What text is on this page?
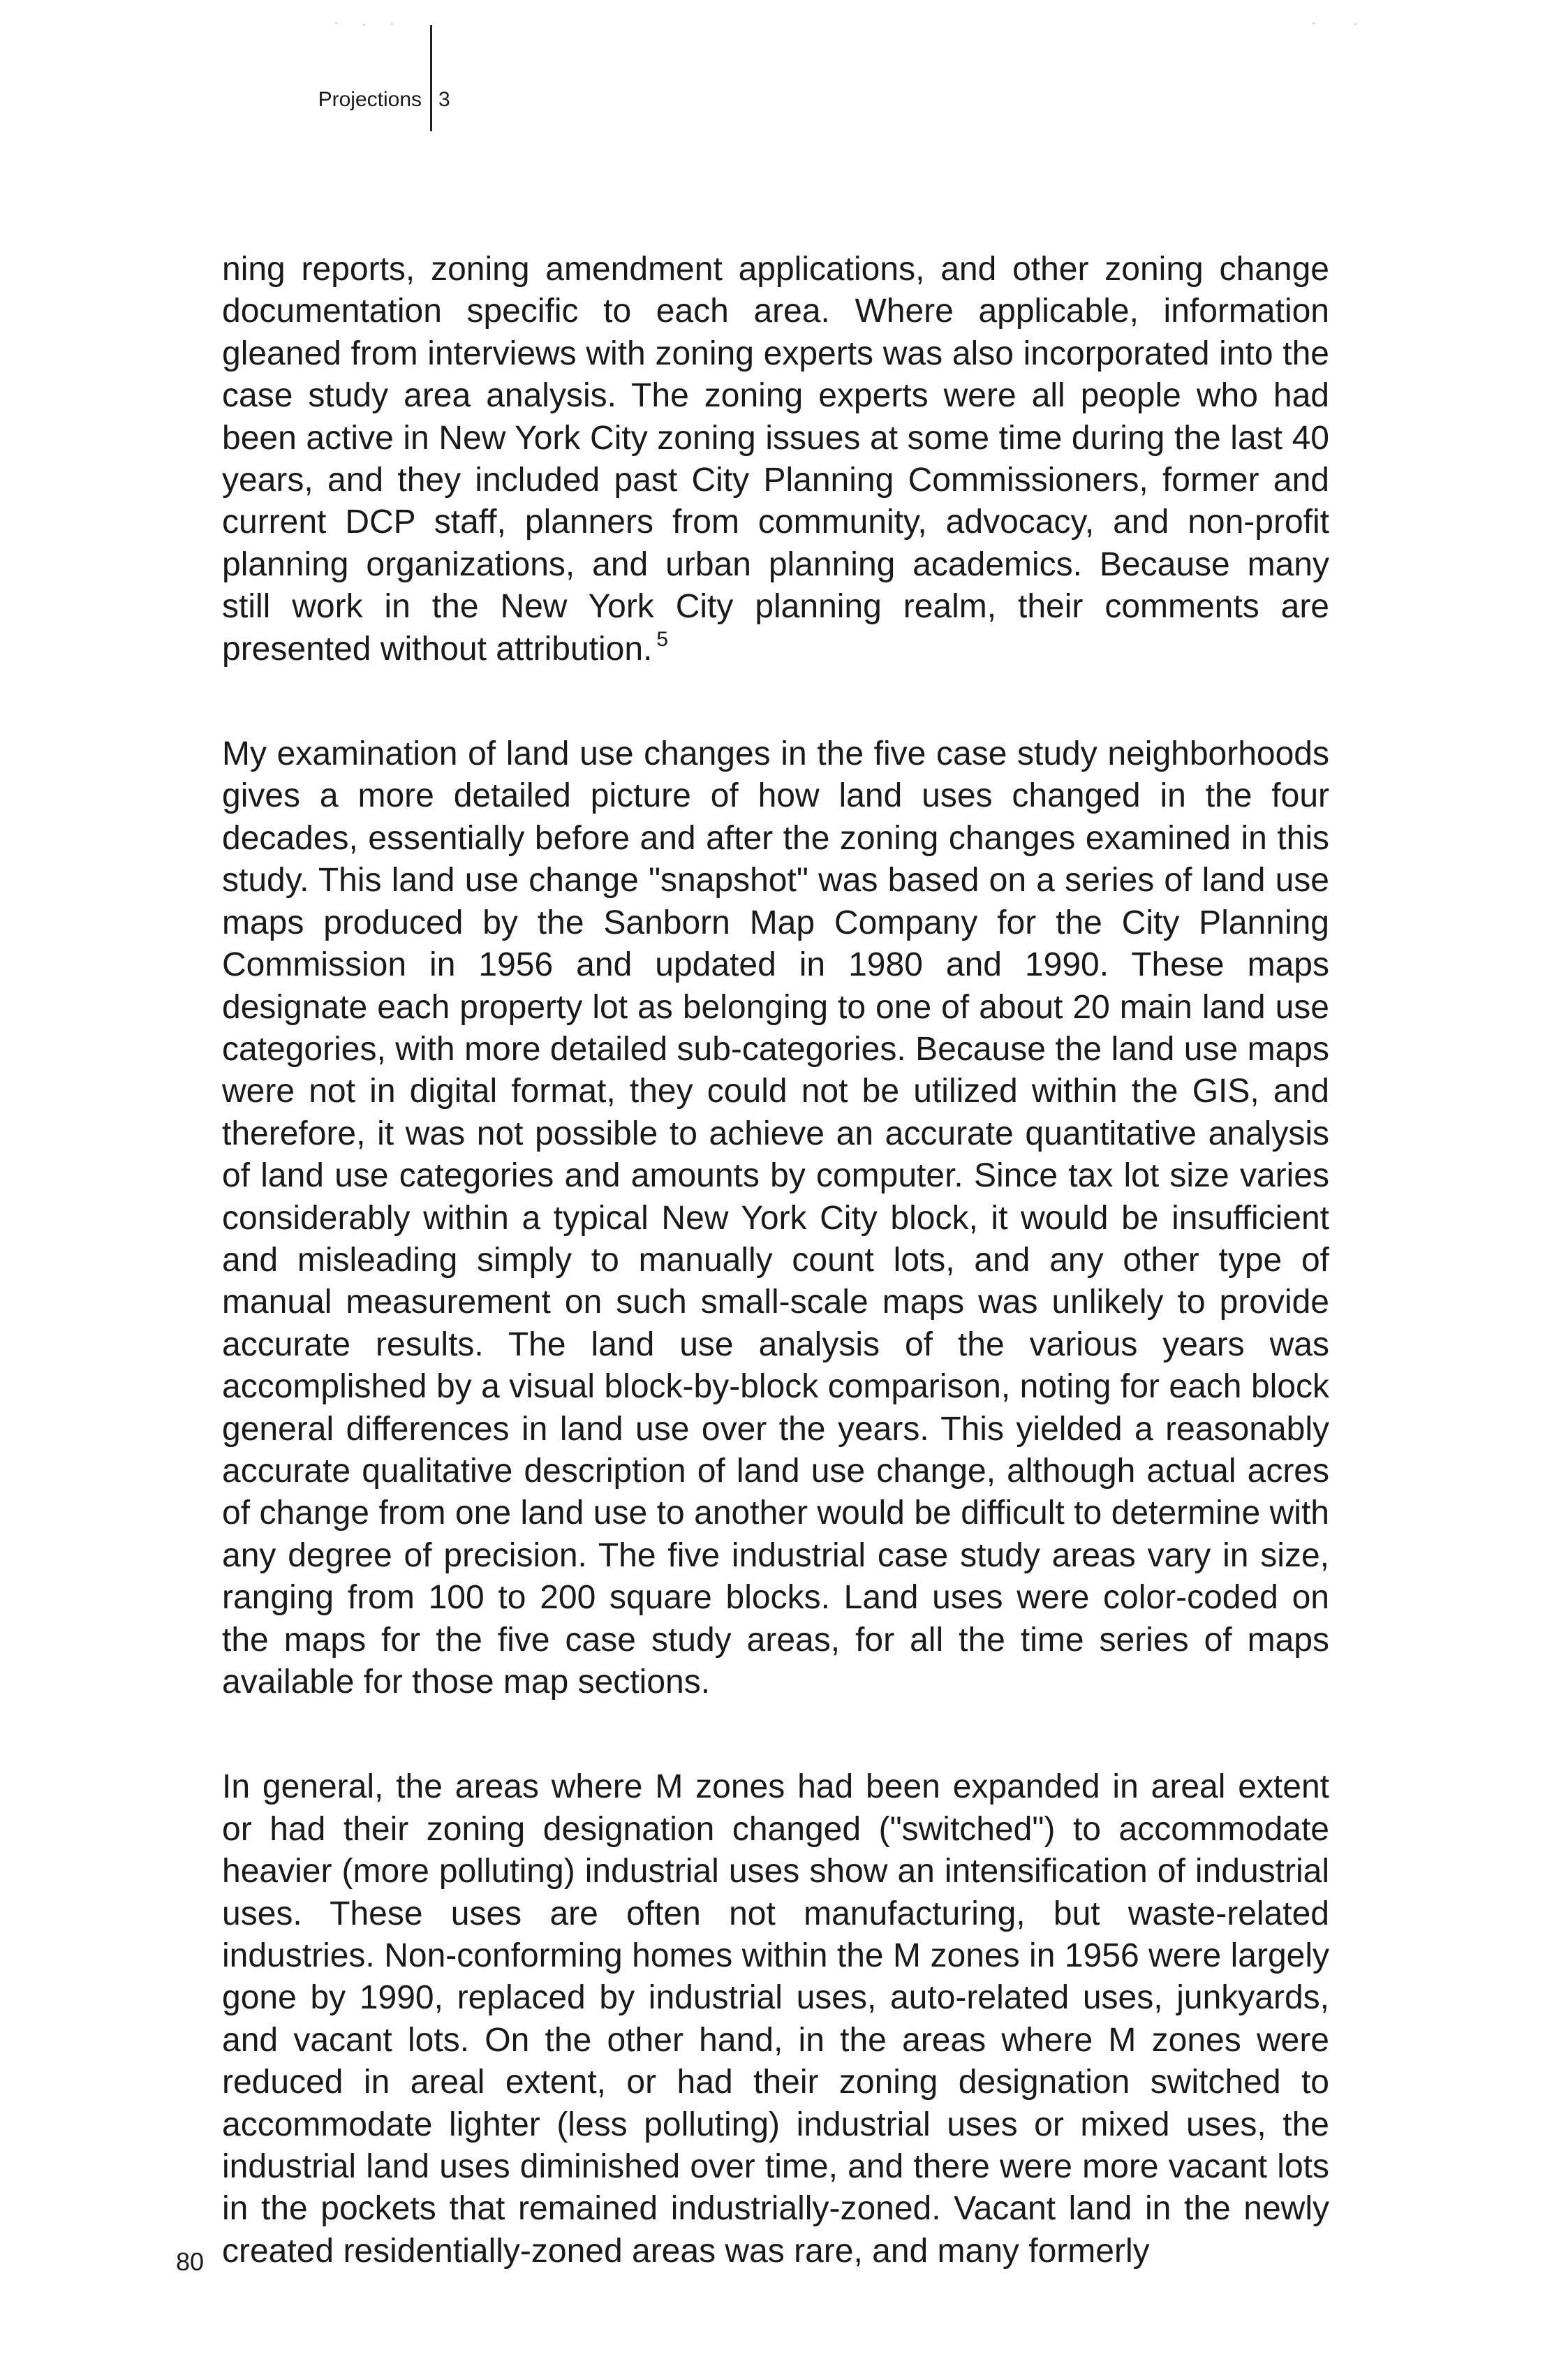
Projections 3

ning reports, zoning amendment applications, and other zoning change documentation specific to each area. Where applicable, information gleaned from interviews with zoning experts was also incorporated into the case study area analysis. The zoning experts were all people who had been active in New York City zoning issues at some time during the last 40 years, and they included past City Planning Commissioners, former and current DCP staff, planners from community, advocacy, and non-profit planning organizations, and urban planning academics. Because many still work in the New York City planning realm, their comments are presented without attribution. $^5$

My examination of land use changes in the five case study neighborhoods gives a more detailed picture of how land uses changed in the four decades, essentially before and after the zoning changes examined in this study. This land use change "snapshot" was based on a series of land use maps produced by the Sanborn Map Company for the City Planning Commission in 1956 and updated in 1980 and 1990. These maps designate each property lot as belonging to one of about 20 main land use categories, with more detailed sub-categories. Because the land use maps were not in digital format, they could not be utilized within the GIS, and therefore, it was not possible to achieve an accurate quantitative analysis of land use categories and amounts by computer. Since tax lot size varies considerably within a typical New York City block, it would be insufficient and misleading simply to manually count lots, and any other type of manual measurement on such small-scale maps was unlikely to provide accurate results. The land use analysis of the various years was accomplished by a visual block-by-block comparison, noting for each block general differences in land use over the years. This yielded a reasonably accurate qualitative description of land use change, although actual acres of change from one land use to another would be difficult to determine with any degree of precision. The five industrial case study areas vary in size, ranging from 100 to 200 square blocks. Land uses were color-coded on the maps for the five case study areas, for all the time series of maps available for those map sections.

In general, the areas where M zones had been expanded in areal extent or had their zoning designation changed ("switched") to accommodate heavier (more polluting) industrial uses show an intensification of industrial uses. These uses are often not manufacturing, but waste-related industries. Non-conforming homes within the M zones in 1956 were largely gone by 1990, replaced by industrial uses, auto-related uses, junkyards, and vacant lots. On the other hand, in the areas where M zones were reduced in areal extent, or had their zoning designation switched to accommodate lighter (less polluting) industrial uses or mixed uses, the industrial land uses diminished over time, and there were more vacant lots in the pockets that remained industrially-zoned. Vacant land in the newly created residentially-zoned areas was rare, and many formerly

80
